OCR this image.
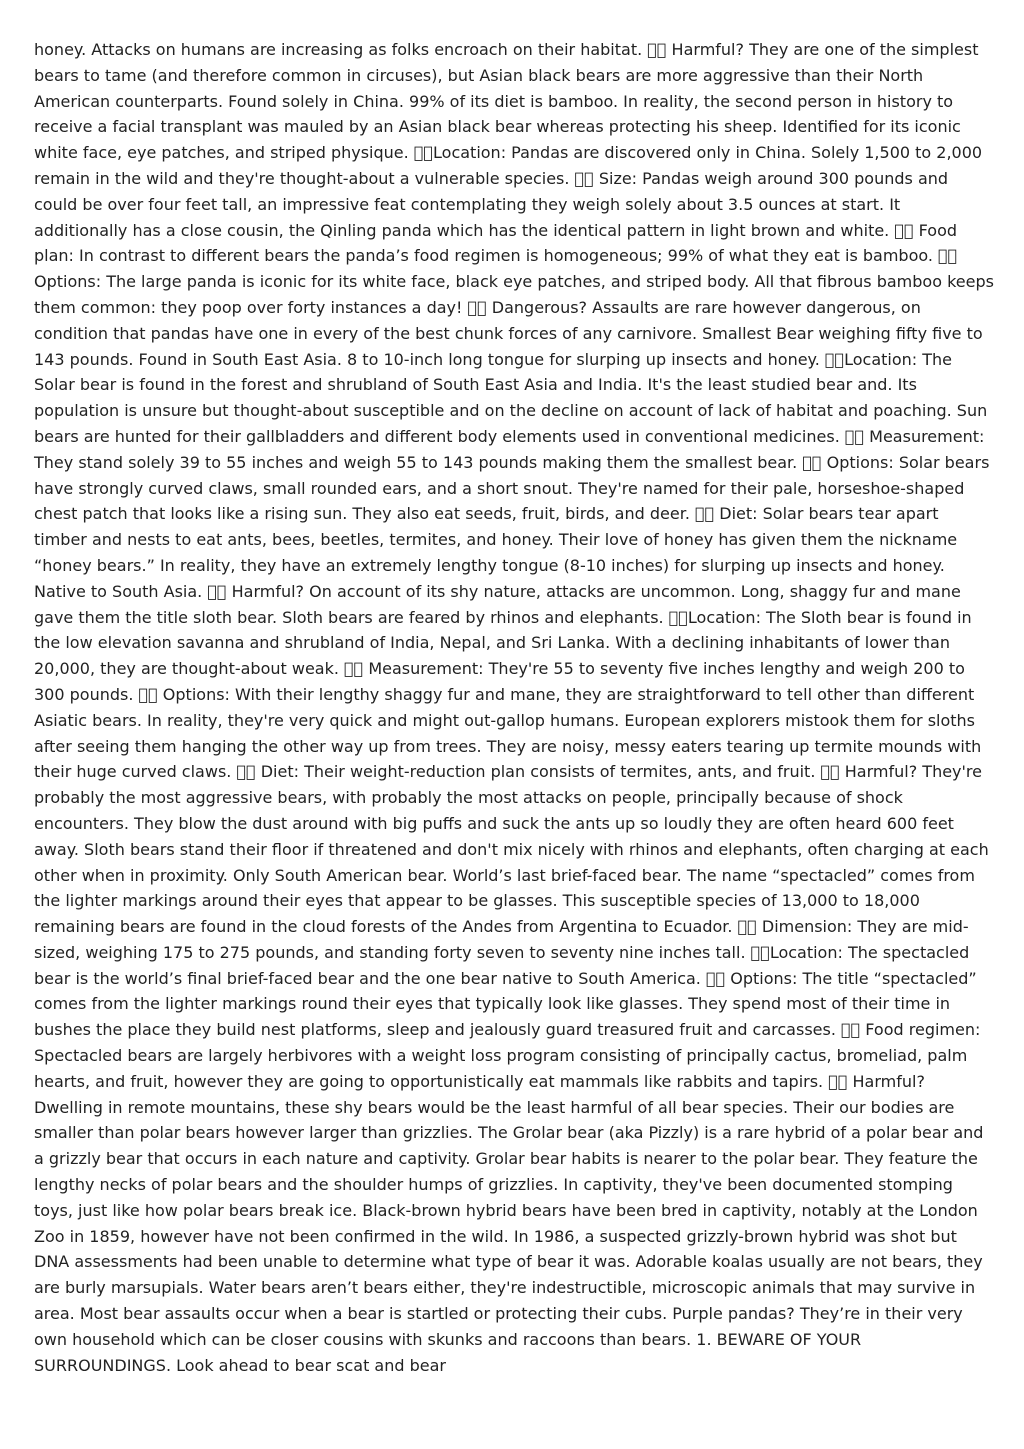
honey. Attacks on humans are increasing as folks encroach on their habitat.    Harmful? They are one of the simplest bears to tame (and therefore common in circuses), but Asian black bears are more aggressive than their North American counterparts. Found solely in China. 99% of its diet is bamboo. In reality, the second person in history to receive a facial transplant was mauled by an Asian black bear whereas protecting his sheep. Identified for its iconic white face, eye patches, and striped physique.   Location: Pandas are discovered only in China. Solely 1,500 to 2,000 remain in the wild and they're thought-about a vulnerable species.    Size: Pandas weigh around 300 pounds and could be over four feet tall, an impressive feat contemplating they weigh solely about 3.5 ounces at start. It additionally has a close cousin, the Qinling panda which has the identical pattern in light brown and white.    Food plan: In contrast to different bears the panda’s food regimen is homogeneous; 99% of what they eat is bamboo.    Options: The large panda is iconic for its white face, black eye patches, and striped body. All that fibrous bamboo keeps them common: they poop over forty instances a day!    Dangerous? Assaults are rare however dangerous, on condition that pandas have one in every of the best chunk forces of any carnivore. Smallest Bear weighing fifty five to 143 pounds. Found in South East Asia. 8 to 10-inch long tongue for slurping up insects and honey.   Location: The Solar bear is found in the forest and shrubland of South East Asia and India. It's the least studied bear and. Its population is unsure but thought-about susceptible and on the decline on account of lack of habitat and poaching. Sun bears are hunted for their gallbladders and different body elements used in conventional medicines.    Measurement: They stand solely 39 to 55 inches and weigh 55 to 143 pounds making them the smallest bear.    Options: Solar bears have strongly curved claws, small rounded ears, and a short snout. They're named for their pale, horseshoe-shaped chest patch that looks like a rising sun. They also eat seeds, fruit, birds, and deer.    Diet: Solar bears tear apart timber and nests to eat ants, bees, beetles, termites, and honey. Their love of honey has given them the nickname “honey bears.” In reality, they have an extremely lengthy tongue (8-10 inches) for slurping up insects and honey. Native to South Asia.    Harmful? On account of its shy nature, attacks are uncommon. Long, shaggy fur and mane gave them the title sloth bear. Sloth bears are feared by rhinos and elephants.   Location: The Sloth bear is found in the low elevation savanna and shrubland of India, Nepal, and Sri Lanka. With a declining inhabitants of lower than 20,000, they are thought-about weak.    Measurement: They're 55 to seventy five inches lengthy and weigh 200 to 300 pounds.    Options: With their lengthy shaggy fur and mane, they are straightforward to tell other than different Asiatic bears. In reality, they're very quick and might out-gallop humans. European explorers mistook them for sloths after seeing them hanging the other way up from trees. They are noisy, messy eaters tearing up termite mounds with their huge curved claws.    Diet: Their weight-reduction plan consists of termites, ants, and fruit.    Harmful? They're probably the most aggressive bears, with probably the most attacks on people, principally because of shock encounters. They blow the dust around with big puffs and suck the ants up so loudly they are often heard 600 feet away. Sloth bears stand their floor if threatened and don't mix nicely with rhinos and elephants, often charging at each other when in proximity. Only South American bear. World’s last brief-faced bear. The name “spectacled” comes from the lighter markings around their eyes that appear to be glasses. This susceptible species of 13,000 to 18,000 remaining bears are found in the cloud forests of the Andes from Argentina to Ecuador.    Dimension: They are mid-sized, weighing 175 to 275 pounds, and standing forty seven to seventy nine inches tall.   Location: The spectacled bear is the world’s final brief-faced bear and the one bear native to South America.    Options: The title “spectacled” comes from the lighter markings round their eyes that typically look like glasses. They spend most of their time in bushes the place they build nest platforms, sleep and jealously guard treasured fruit and carcasses.    Food regimen: Spectacled bears are largely herbivores with a weight loss program consisting of principally cactus, bromeliad, palm hearts, and fruit, however they are going to opportunistically eat mammals like rabbits and tapirs.    Harmful? Dwelling in remote mountains, these shy bears would be the least harmful of all bear species. Their our bodies are smaller than polar bears however larger than grizzlies. The Grolar bear (aka Pizzly) is a rare hybrid of a polar bear and a grizzly bear that occurs in each nature and captivity. Grolar bear habits is nearer to the polar bear. They feature the lengthy necks of polar bears and the shoulder humps of grizzlies. In captivity, they've been documented stomping toys, just like how polar bears break ice. Black-brown hybrid bears have been bred in captivity, notably at the London Zoo in 1859, however have not been confirmed in the wild. In 1986, a suspected grizzly-brown hybrid was shot but DNA assessments had been unable to determine what type of bear it was. Adorable koalas usually are not bears, they are burly marsupials. Water bears aren’t bears either, they're indestructible, microscopic animals that may survive in area. Most bear assaults occur when a bear is startled or protecting their cubs. Purple pandas? They’re in their very own household which can be closer cousins with skunks and raccoons than bears. 1. BEWARE OF YOUR SURROUNDINGS. Look ahead to bear scat and bear
